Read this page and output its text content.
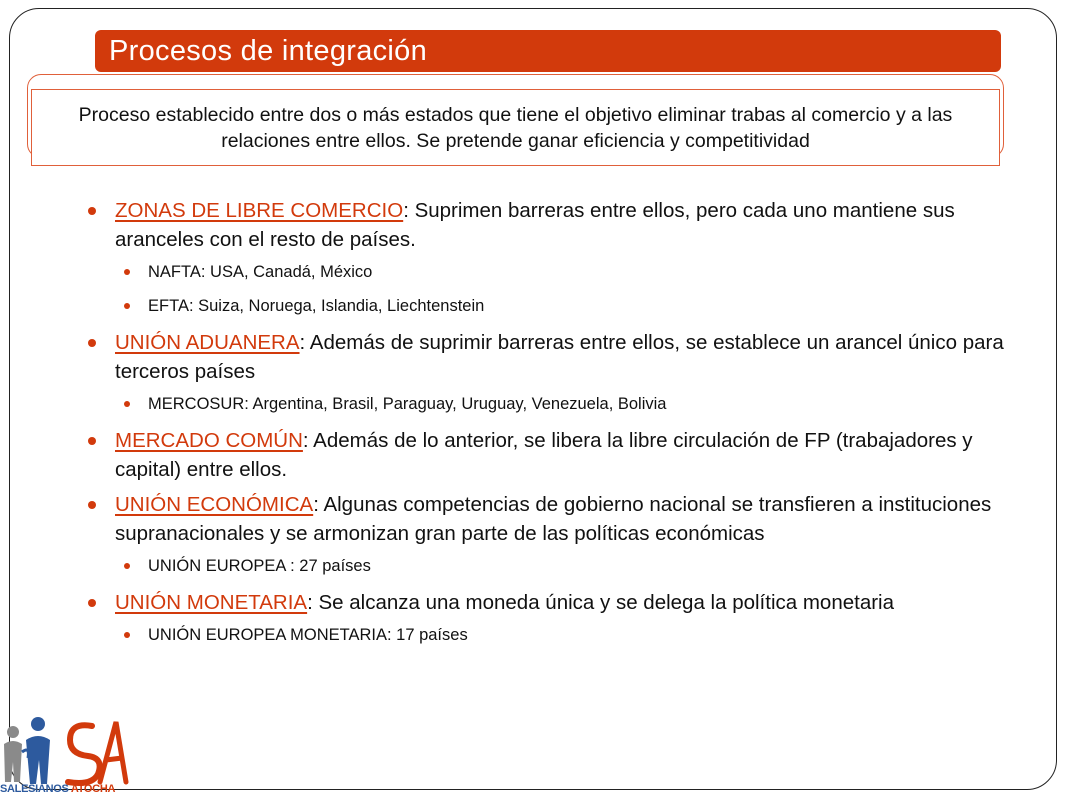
Procesos de integración
Proceso establecido entre dos o más estados que tiene el objetivo eliminar trabas al comercio y a las relaciones entre ellos. Se pretende ganar eficiencia y competitividad
ZONAS DE LIBRE COMERCIO: Suprimen barreras entre ellos, pero cada uno mantiene sus aranceles con el resto de países.
NAFTA: USA, Canadá, México
EFTA: Suiza, Noruega, Islandia, Liechtenstein
UNIÓN ADUANERA: Además de suprimir barreras entre ellos, se establece un arancel único para terceros países
MERCOSUR: Argentina, Brasil, Paraguay, Uruguay, Venezuela, Bolivia
MERCADO COMÚN: Además de lo anterior, se libera la libre circulación de FP (trabajadores y capital) entre ellos.
UNIÓN ECONÓMICA: Algunas competencias de gobierno nacional se transfieren a instituciones supranacionales y se armonizan gran parte de las políticas económicas
UNIÓN EUROPEA : 27 países
UNIÓN MONETARIA: Se alcanza una moneda única y se delega la política monetaria
UNIÓN EUROPEA MONETARIA: 17 países
SALESIANOS ATOCHA
